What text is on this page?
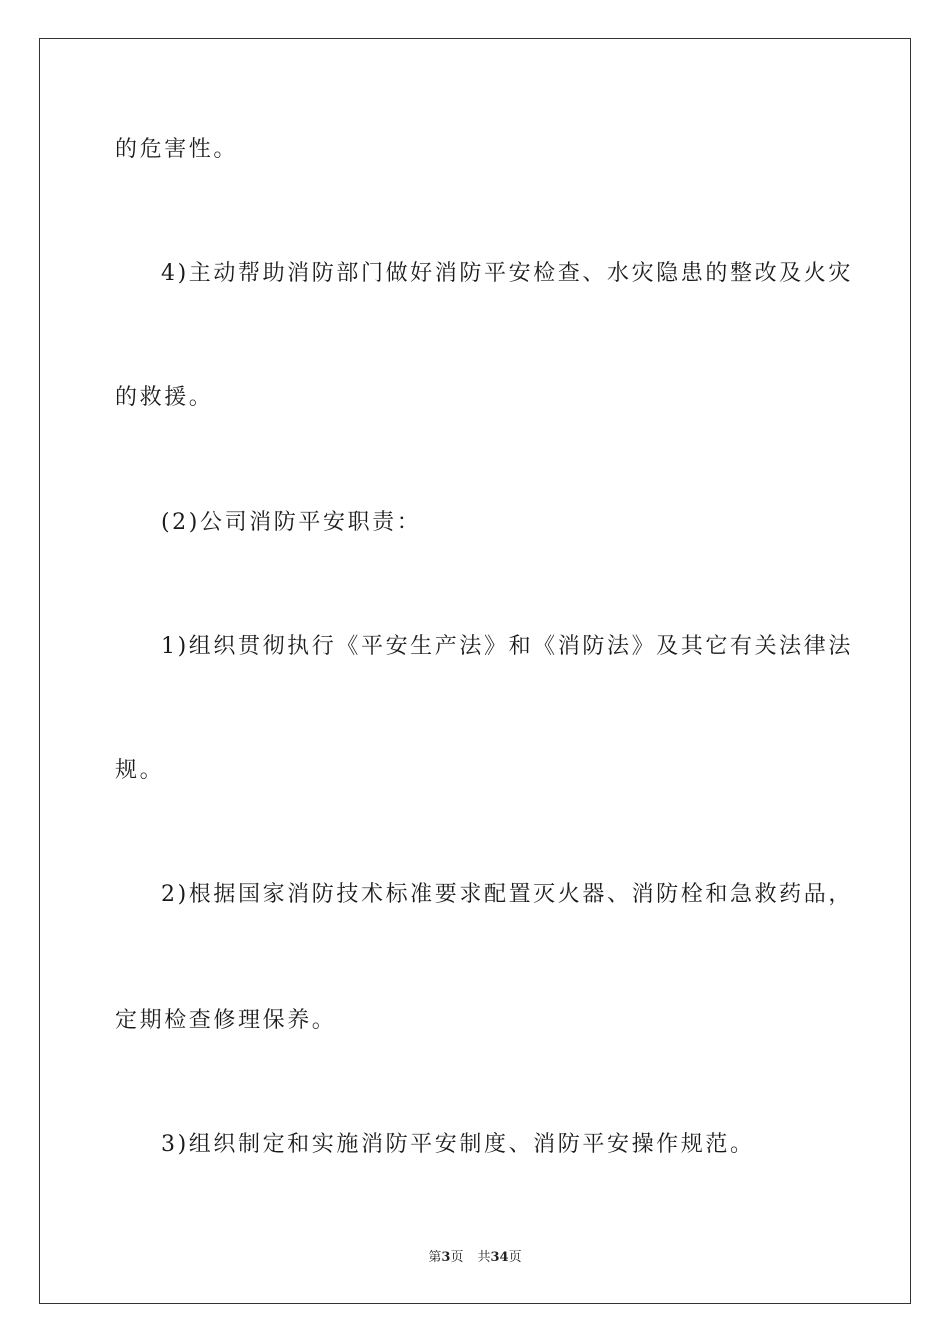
的危害性。
4)主动帮助消防部门做好消防平安检查、水灾隐患的整改及火灾
的救援。
(2)公司消防平安职责：
1)组织贯彻执行《平安生产法》和《消防法》及其它有关法律法
规。
2)根据国家消防技术标准要求配置灭火器、消防栓和急救药品，
定期检查修理保养。
3)组织制定和实施消防平安制度、消防平安操作规范。
第3页 共34页
